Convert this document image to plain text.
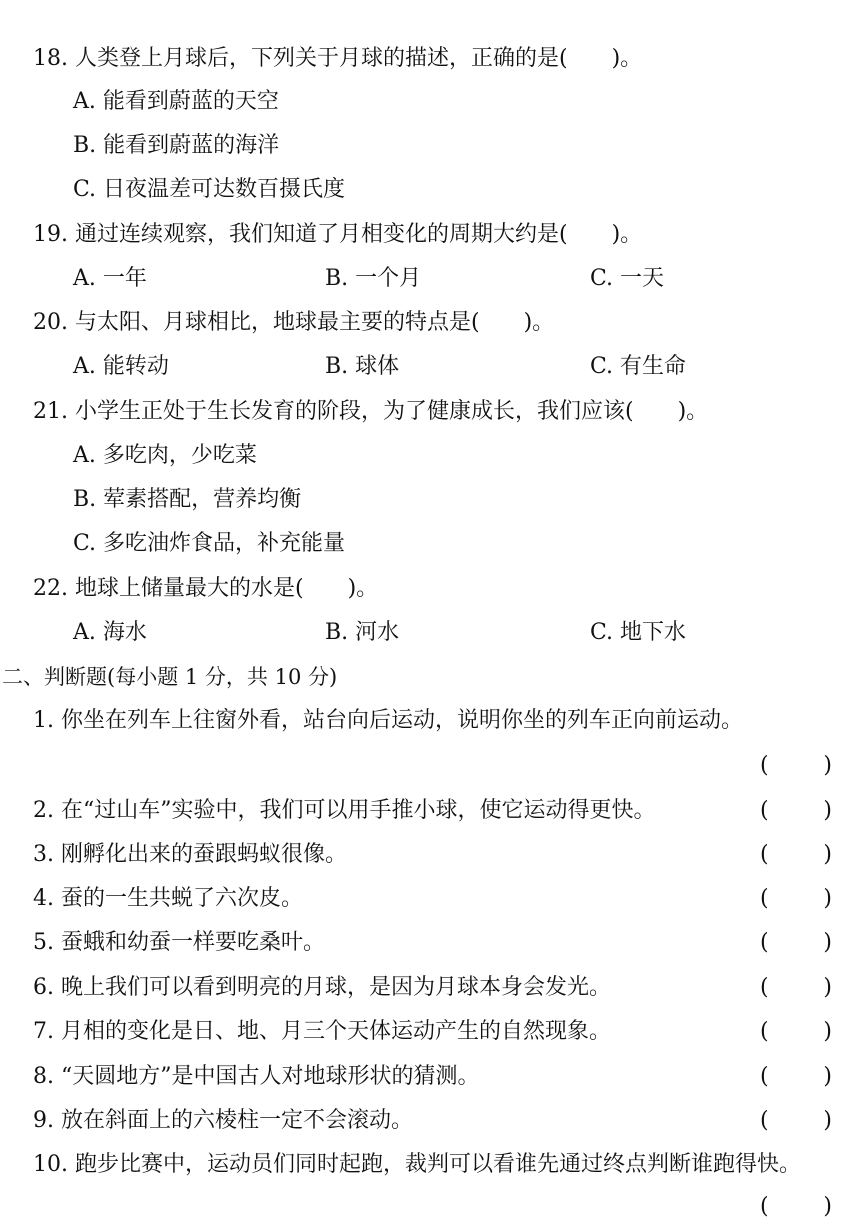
18. 人类登上月球后，下列关于月球的描述，正确的是(　　)。
A. 能看到蔚蓝的天空
B. 能看到蔚蓝的海洋
C. 日夜温差可达数百摄氏度
19. 通过连续观察，我们知道了月相变化的周期大约是(　　)。
A. 一年	B. 一个月	C. 一天
20. 与太阳、月球相比，地球最主要的特点是(　　)。
A. 能转动	B. 球体	C. 有生命
21. 小学生正处于生长发育的阶段，为了健康成长，我们应该(　　)。
A. 多吃肉，少吃菜
B. 荤素搭配，营养均衡
C. 多吃油炸食品，补充能量
22. 地球上储量最大的水是(　　)。
A. 海水	B. 河水	C. 地下水
二、判断题(每小题 1 分，共 10 分)
1. 你坐在列车上往窗外看，站台向后运动，说明你坐的列车正向前运动。
( )
2. 在“过山车”实验中，我们可以用手推小球，使它运动得更快。	( )
3. 刚孵化出来的蚕跟蚂蚁很像。	( )
4. 蚕的一生共蜕了六次皮。	( )
5. 蚕蛾和幼蚕一样要吃桑叶。	( )
6. 晚上我们可以看到明亮的月球，是因为月球本身会发光。	( )
7. 月相的变化是日、地、月三个天体运动产生的自然现象。	( )
8. “天圆地方”是中国古人对地球形状的猜测。	( )
9. 放在斜面上的六棱柱一定不会滚动。	( )
10. 跑步比赛中，运动员们同时起跑，裁判可以看谁先通过终点判断谁跑得快。
( )
